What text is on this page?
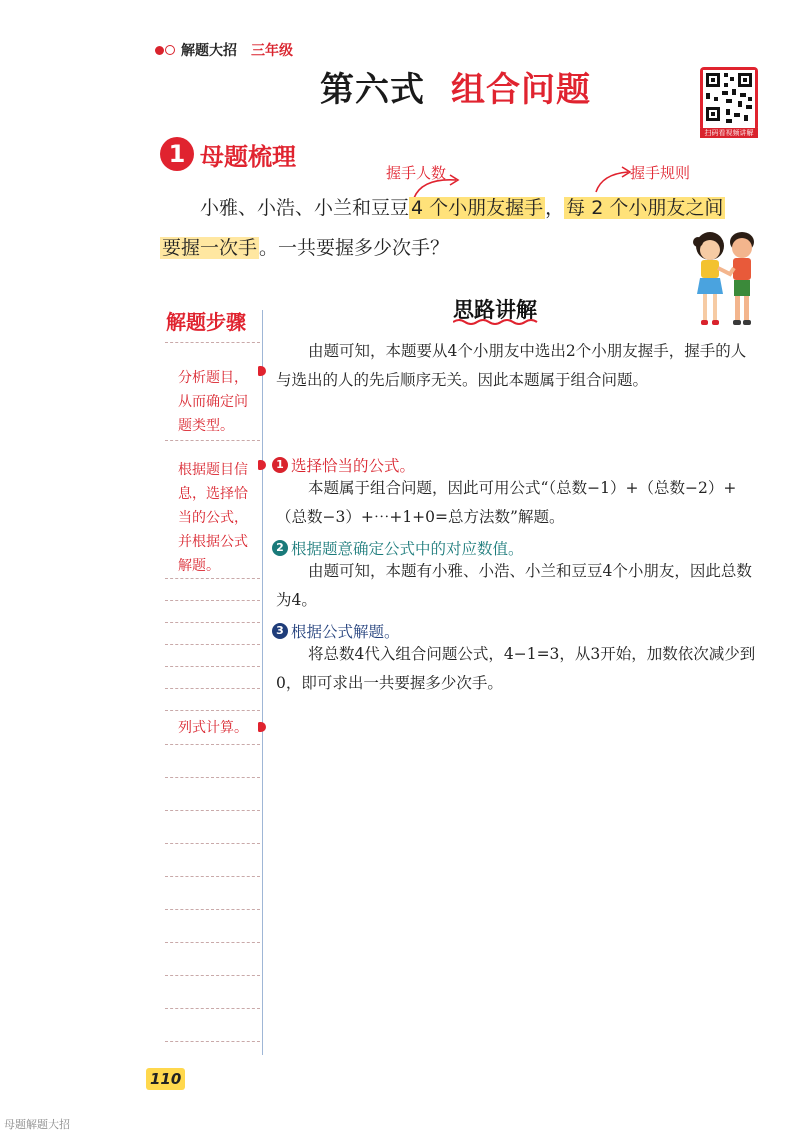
解题大招 三年级
第六式 组合问题
扫码看视频讲解
1 母题梳理
握手人数	握手规则
小雅、小浩、小兰和豆豆 4 个小朋友握手 ， 每 2 个小朋友之间
要握一次手 。一共要握多少次手？
解题步骤
分析题目，从而确定问题类型。
根据题目信息，选择恰当的公式，并根据公式解题。
列式计算。
思路讲解
由题可知，本题要从4个小朋友中选出2个小朋友握手，握手的人与选出的人的先后顺序无关。因此本题属于组合问题。
1 选择恰当的公式。
本题属于组合问题，因此可用公式“（总数−1）+（总数−2）+（总数−3）+⋯+1+0=总方法数”解题。
2 根据题意确定公式中的对应数值。
由题可知，本题有小雅、小浩、小兰和豆豆4个小朋友，因此总数为4。
3 根据公式解题。
将总数4代入组合问题公式，4−1=3，从3开始，加数依次减少到0，即可求出一共要握多少次手。
110
母题解题大招
